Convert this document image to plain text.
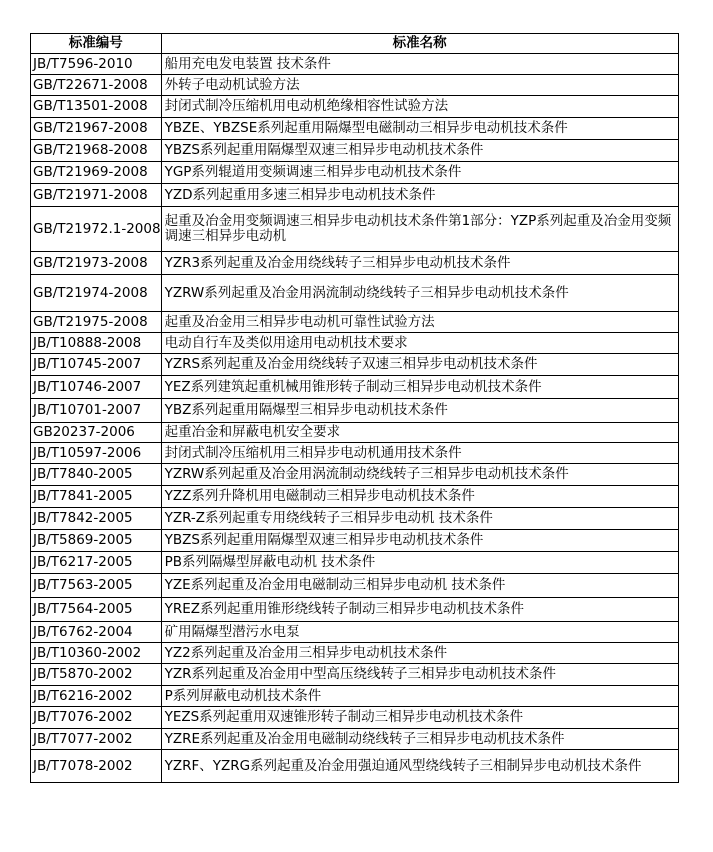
标准编号	标准名称
JB/T7596-2010	船用充电发电装置 技术条件
GB/T22671-2008	外转子电动机试验方法
GB/T13501-2008	封闭式制冷压缩机用电动机绝缘相容性试验方法
GB/T21967-2008	YBZE、YBZSE系列起重用隔爆型电磁制动三相异步电动机技术条件
GB/T21968-2008	YBZS系列起重用隔爆型双速三相异步电动机技术条件
GB/T21969-2008	YGP系列辊道用变频调速三相异步电动机技术条件
GB/T21971-2008	YZD系列起重用多速三相异步电动机技术条件
GB/T21972.1-2008	起重及冶金用变频调速三相异步电动机技术条件第1部分：YZP系列起重及冶金用变频调速三相异步电动机
GB/T21973-2008	YZR3系列起重及冶金用绕线转子三相异步电动机技术条件
GB/T21974-2008	YZRW系列起重及冶金用涡流制动绕线转子三相异步电动机技术条件
GB/T21975-2008	起重及冶金用三相异步电动机可靠性试验方法
JB/T10888-2008	电动自行车及类似用途用电动机技术要求
JB/T10745-2007	YZRS系列起重及冶金用绕线转子双速三相异步电动机技术条件
JB/T10746-2007	YEZ系列建筑起重机械用锥形转子制动三相异步电动机技术条件
JB/T10701-2007	YBZ系列起重用隔爆型三相异步电动机技术条件
GB20237-2006	起重冶金和屏蔽电机安全要求
JB/T10597-2006	封闭式制冷压缩机用三相异步电动机通用技术条件
JB/T7840-2005	YZRW系列起重及冶金用涡流制动绕线转子三相异步电动机技术条件
JB/T7841-2005	YZZ系列升降机用电磁制动三相异步电动机技术条件
JB/T7842-2005	YZR-Z系列起重专用绕线转子三相异步电动机 技术条件
JB/T5869-2005	YBZS系列起重用隔爆型双速三相异步电动机技术条件
JB/T6217-2005	PB系列隔爆型屏蔽电动机 技术条件
JB/T7563-2005	YZE系列起重及冶金用电磁制动三相异步电动机 技术条件
JB/T7564-2005	YREZ系列起重用锥形绕线转子制动三相异步电动机技术条件
JB/T6762-2004	矿用隔爆型潜污水电泵
JB/T10360-2002	YZ2系列起重及冶金用三相异步电动机技术条件
JB/T5870-2002	YZR系列起重及冶金用中型高压绕线转子三相异步电动机技术条件
JB/T6216-2002	P系列屏蔽电动机技术条件
JB/T7076-2002	YEZS系列起重用双速锥形转子制动三相异步电动机技术条件
JB/T7077-2002	YZRE系列起重及冶金用电磁制动绕线转子三相异步电动机技术条件
JB/T7078-2002	YZRF、YZRG系列起重及冶金用强迫通风型绕线转子三相制异步电动机技术条件
